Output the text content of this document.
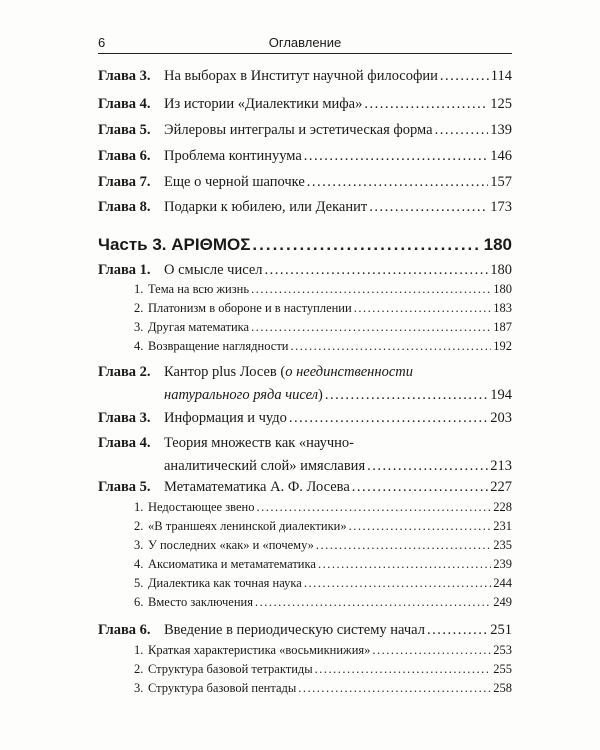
6	Оглавление
Глава 3. На выборах в Институт научной философии .....	114
Глава 4. Из истории «Диалектики мифа» .....	125
Глава 5. Эйлеровы интегралы и эстетическая форма .....	139
Глава 6. Проблема континуума .....	146
Глава 7. Еще о черной шапочке .....	157
Глава 8. Подарки к юбилею, или Деканит .....	173
Часть 3. ΑΡΙΘΜΟΣ .....	180
Глава 1. О смысле чисел .....	180
1. Тема на всю жизнь .....	180
2. Платонизм в обороне и в наступлении .....	183
3. Другая математика .....	187
4. Возвращение наглядности .....	192
Глава 2. Кантор plus Лосев (о неединственности
натурального ряда чисел) .....	194
Глава 3. Информация и чудо .....	203
Глава 4. Теория множеств как «научно-
аналитический слой» имяславия .....	213
Глава 5. Метаматематика А. Ф. Лосева .....	227
1. Недостающее звено .....	228
2. «В траншеях ленинской диалектики» .....	231
3. У последних «как» и «почему» .....	235
4. Аксиоматика и метаматематика .....	239
5. Диалектика как точная наука .....	244
6. Вместо заключения .....	249
Глава 6. Введение в периодическую систему начал .....	251
1. Краткая характеристика «восьмикнижия» .....	253
2. Структура базовой тетрактиды .....	255
3. Структура базовой пентады .....	258
